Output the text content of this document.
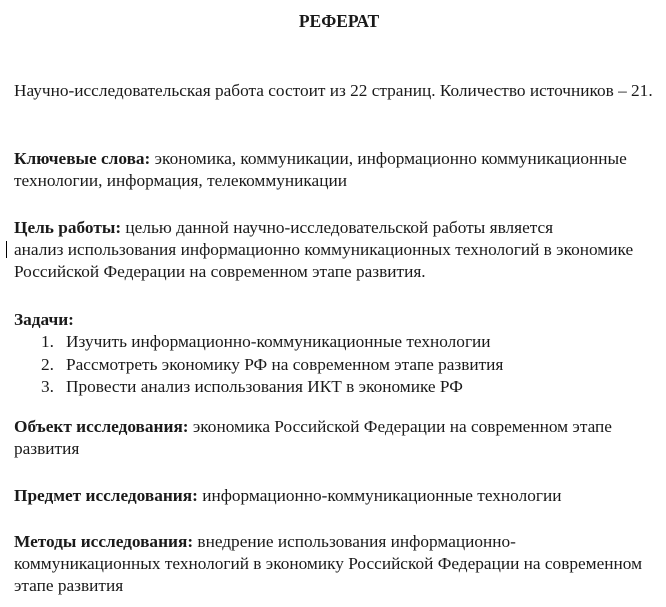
РЕФЕРАТ

Научно-исследовательская работа состоит из 22 страниц. Количество источников – 21.

Ключевые слова: экономика, коммуникации, информационно коммуникационные технологии, информация, телекоммуникации

Цель работы: целью данной научно-исследовательской работы является
анализ использования информационно коммуникационных технологий в экономике Российской Федерации на современном этапе развития.

Задачи:

1. Изучить информационно-коммуникационные технологии
2. Рассмотреть экономику РФ на современном этапе развития
3. Провести анализ использования ИКТ в экономике РФ

Объект исследования: экономика Российской Федерации на современном этапе развития

Предмет исследования: информационно-коммуникационные технологии

Методы исследования: внедрение использования информационно-коммуникационных технологий в экономику Российской Федерации на современном этапе развития
